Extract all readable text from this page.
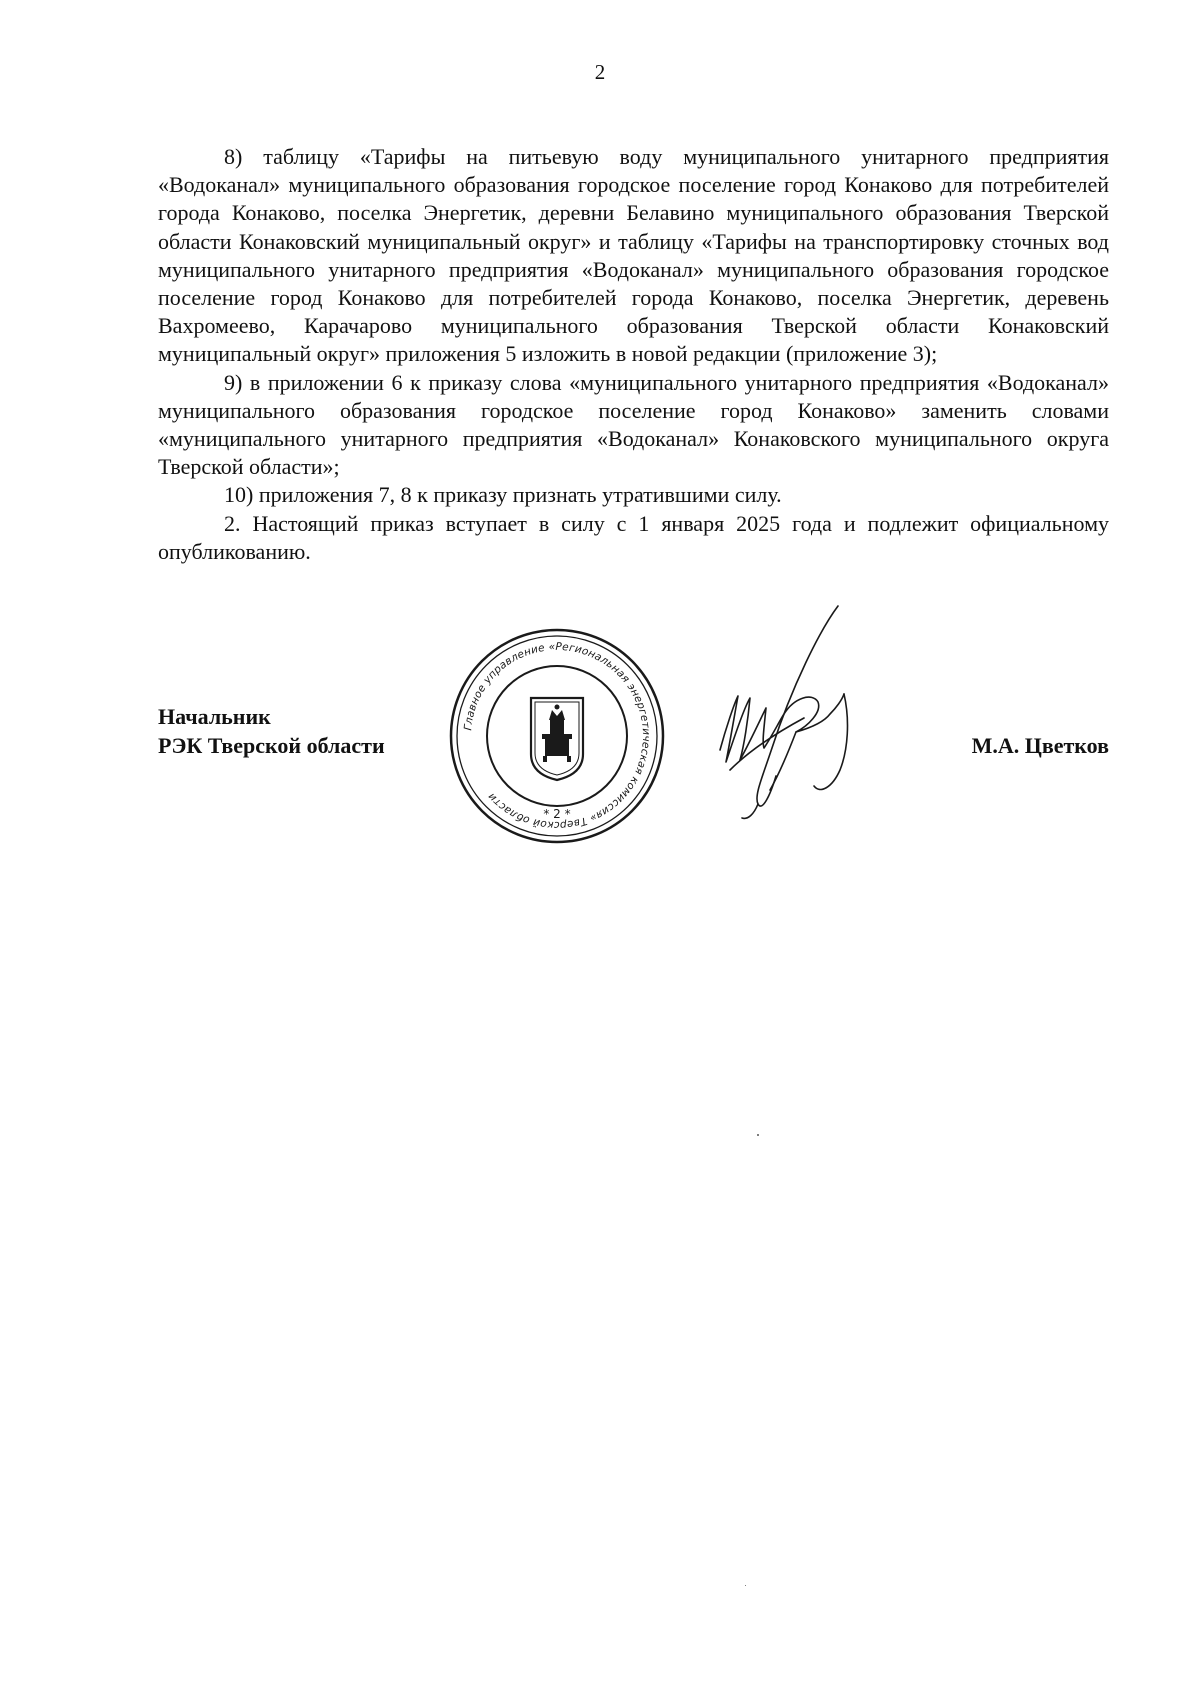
2

8) таблицу «Тарифы на питьевую воду муниципального унитарного предприятия «Водоканал» муниципального образования городское поселение город Конаково для потребителей города Конаково, поселка Энергетик, деревни Белавино муниципального образования Тверской области Конаковский муниципальный округ» и таблицу «Тарифы на транспортировку сточных вод муниципального унитарного предприятия «Водоканал» муниципального образования городское поселение город Конаково для потребителей города Конаково, поселка Энергетик, деревень Вахромеево, Карачарово муниципального образования Тверской области Конаковский муниципальный округ» приложения 5 изложить в новой редакции (приложение 3);

9) в приложении 6 к приказу слова «муниципального унитарного предприятия «Водоканал» муниципального образования городское поселение город Конаково» заменить словами «муниципального унитарного предприятия «Водоканал» Конаковского муниципального округа Тверской области»;

10) приложения 7, 8 к приказу признать утратившими силу.

2. Настоящий приказ вступает в силу с 1 января 2025 года и подлежит официальному опубликованию.

Начальник
РЭК Тверской области	М.А. Цветков
Главное управление «Региональная энергетическая комиссия» Тверской области
* 2 *
